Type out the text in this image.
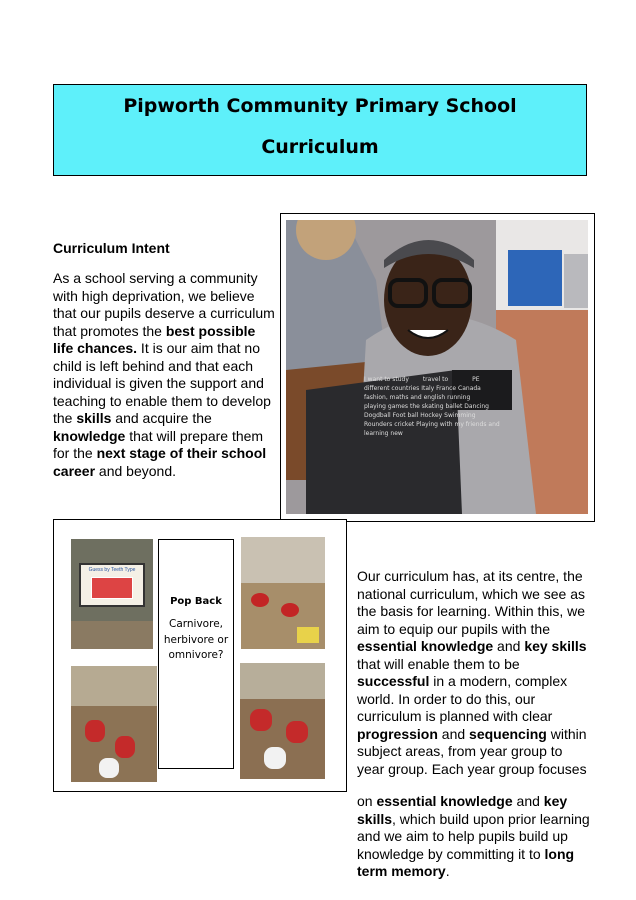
Pipworth Community Primary School
Curriculum
Curriculum Intent
As a school serving a community with high deprivation, we believe that our pupils deserve a curriculum that promotes the best possible life chances. It is our aim that no child is left behind and that each individual is given the support and teaching to enable them to develop the skills and acquire the knowledge that will prepare them for the next stage of their school career and beyond.
I want to study travel to	PE
different countries Italy France Canada
fashion, maths and english running
playing games the skating ballet Dancing
Dogdball Foot ball Hockey Swimming
Rounders cricket Playing with my friends and learning new
Guess by Teeth Type
Pop Back
Carnivore, herbivore or omnivore?
Our curriculum has, at its centre, the national curriculum, which we see as the basis for learning. Within this, we aim to equip our pupils with the essential knowledge and key skills that will enable them to be successful in a modern, complex world. In order to do this, our curriculum is planned with clear progression and sequencing within subject areas, from year group to year group. Each year group focuses
on essential knowledge and key skills, which build upon prior learning and we aim to help pupils build up knowledge by committing it to long term memory.
